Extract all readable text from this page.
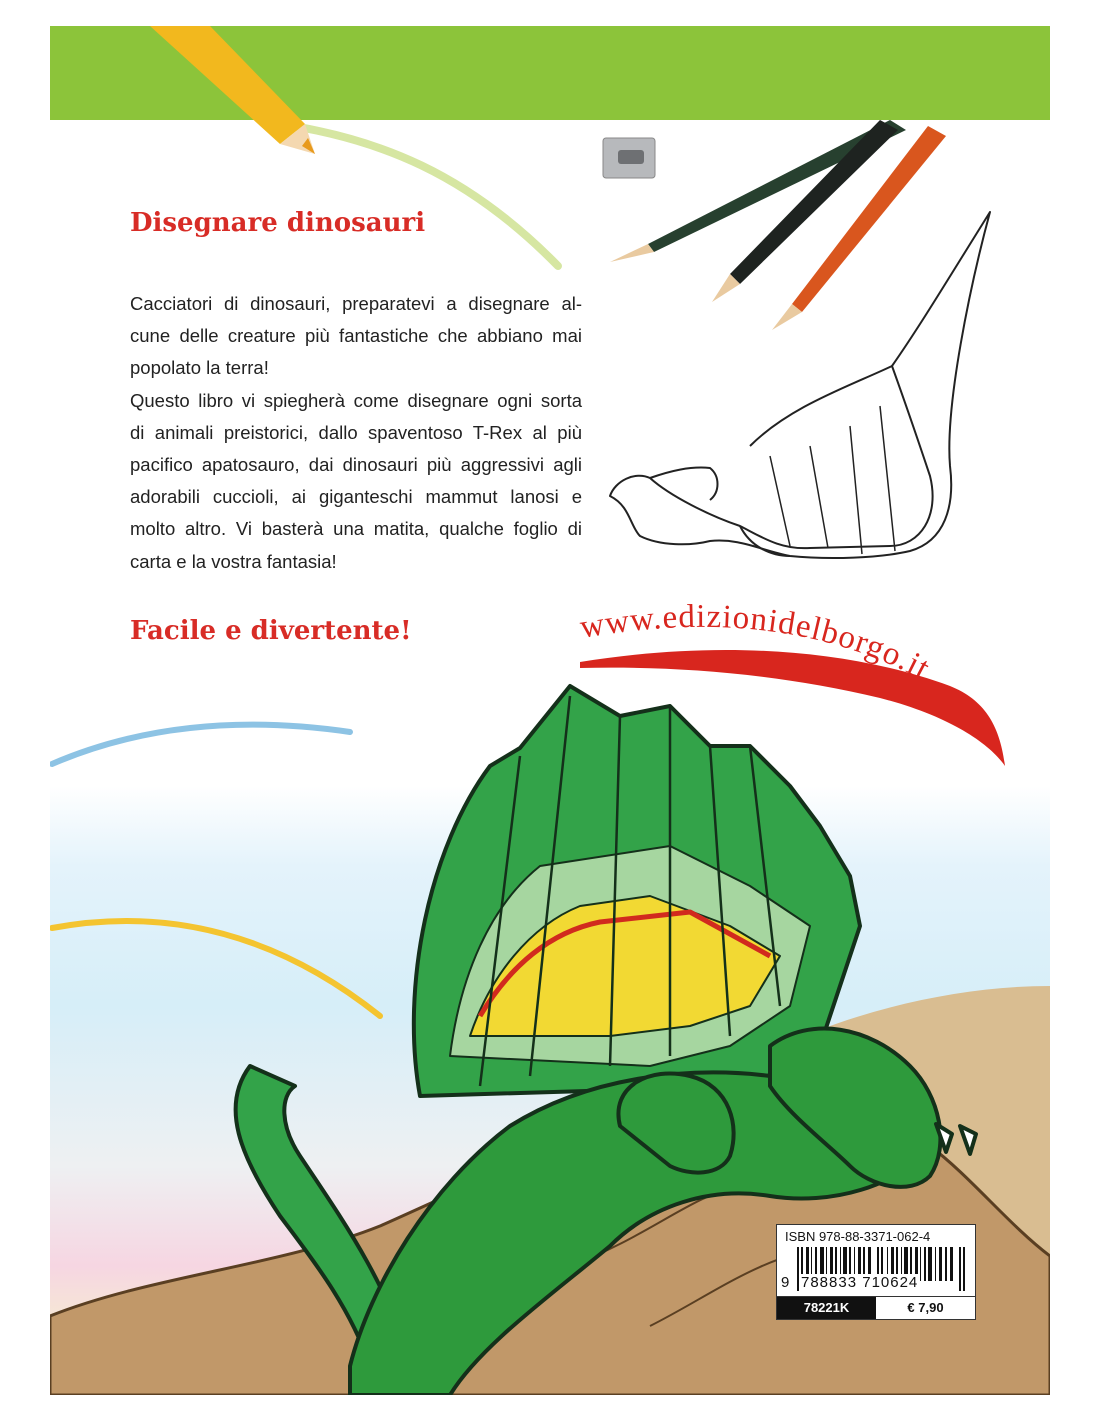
Disegnare dinosauri

Cacciatori di dinosauri, preparatevi a disegnare al-
cune delle creature più fantastiche che abbiano mai
popolato la terra!
Questo libro vi spiegherà come disegnare ogni sorta
di animali preistorici, dallo spaventoso T-Rex al più
pacifico apatosauro, dai dinosauri più aggressivi agli
adorabili cuccioli, ai giganteschi mammut lanosi e
molto altro. Vi basterà una matita, qualche foglio di
carta e la vostra fantasia!

Facile e divertente!	www.edizionidelborgo.it
ISBN 978-88-3371-062-4
9 788833 710624
78221K	€ 7,90
